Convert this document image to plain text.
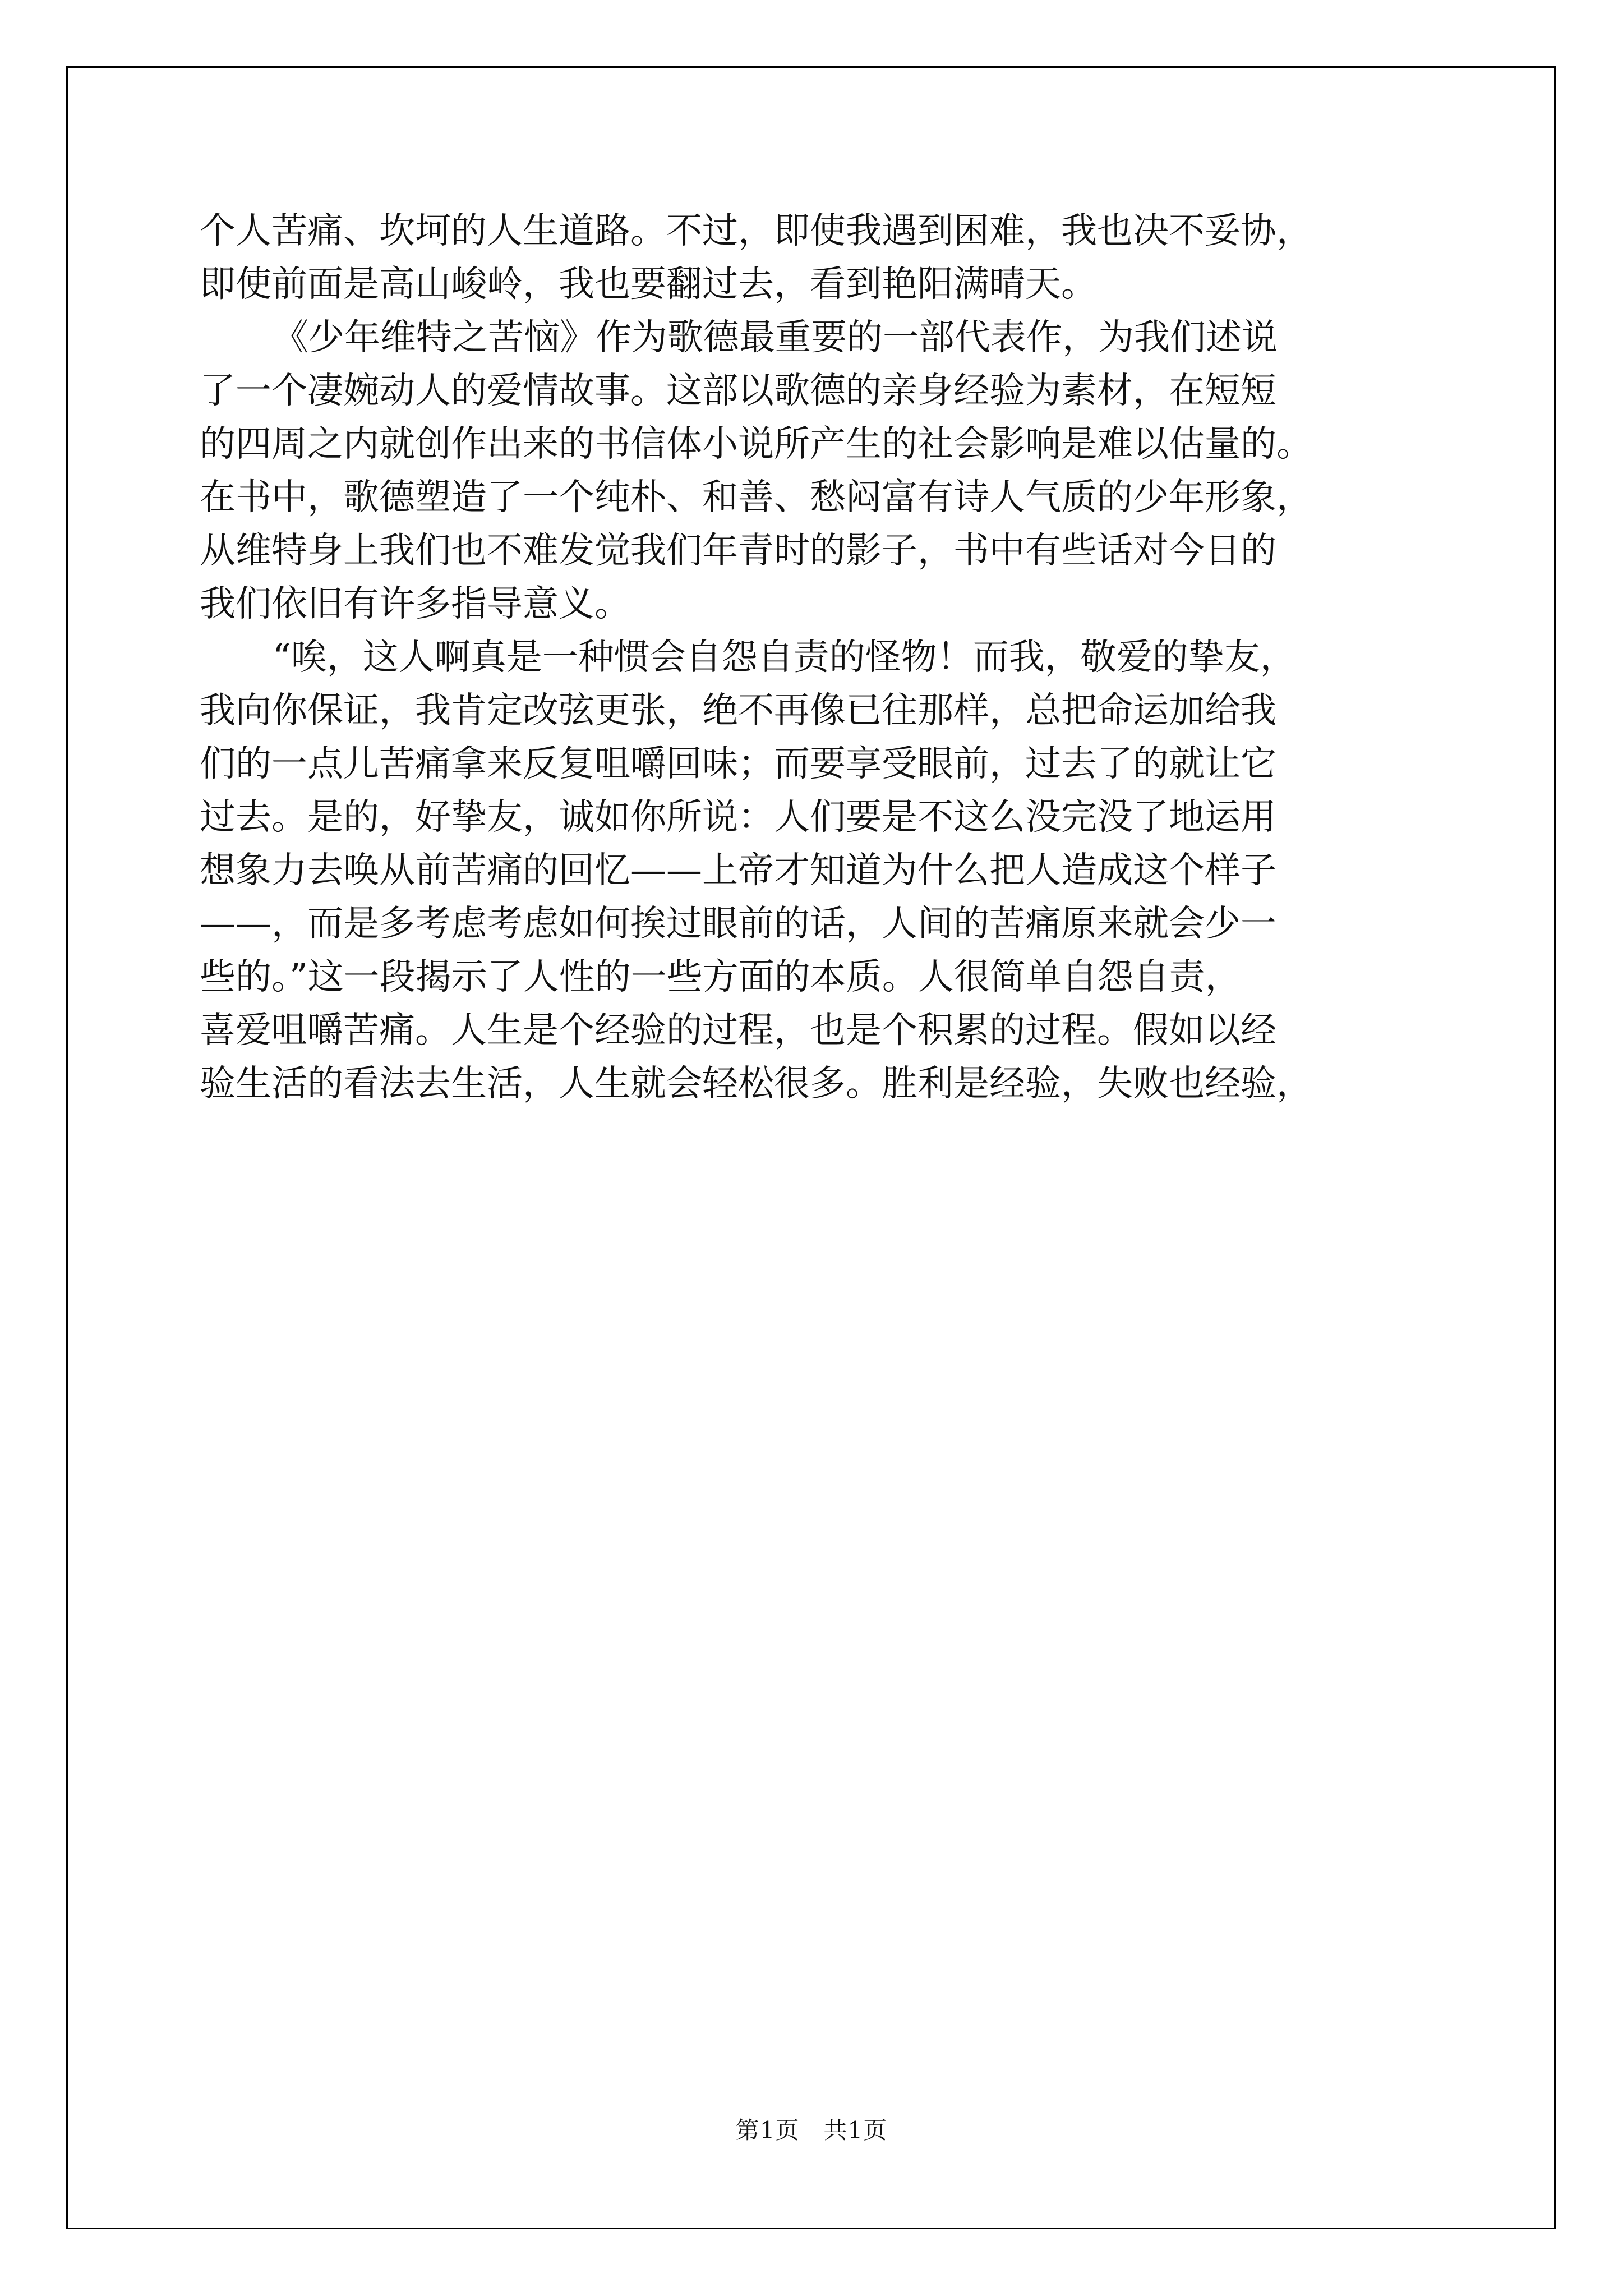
个人苦痛、坎坷的人生道路。不过，即使我遇到困难，我也决不妥协，
即使前面是高山峻岭，我也要翻过去，看到艳阳满晴天。
《少年维特之苦恼》作为歌德最重要的一部代表作，为我们述说
了一个凄婉动人的爱情故事。这部以歌德的亲身经验为素材，在短短
的四周之内就创作出来的书信体小说所产生的社会影响是难以估量的。
在书中，歌德塑造了一个纯朴、和善、愁闷富有诗人气质的少年形象，
从维特身上我们也不难发觉我们年青时的影子，书中有些话对今日的
我们依旧有许多指导意义。
“唉，这人啊真是一种惯会自怨自责的怪物！而我，敬爱的挚友，
我向你保证，我肯定改弦更张，绝不再像已往那样，总把命运加给我
们的一点儿苦痛拿来反复咀嚼回味；而要享受眼前，过去了的就让它
过去。是的，好挚友，诚如你所说：人们要是不这么没完没了地运用
想象力去唤从前苦痛的回忆——上帝才知道为什么把人造成这个样子
——，而是多考虑考虑如何挨过眼前的话，人间的苦痛原来就会少一
些的。”这一段揭示了人性的一些方面的本质。人很简单自怨自责，
喜爱咀嚼苦痛。人生是个经验的过程，也是个积累的过程。假如以经
验生活的看法去生活，人生就会轻松很多。胜利是经验，失败也经验，
第1页　共1页
